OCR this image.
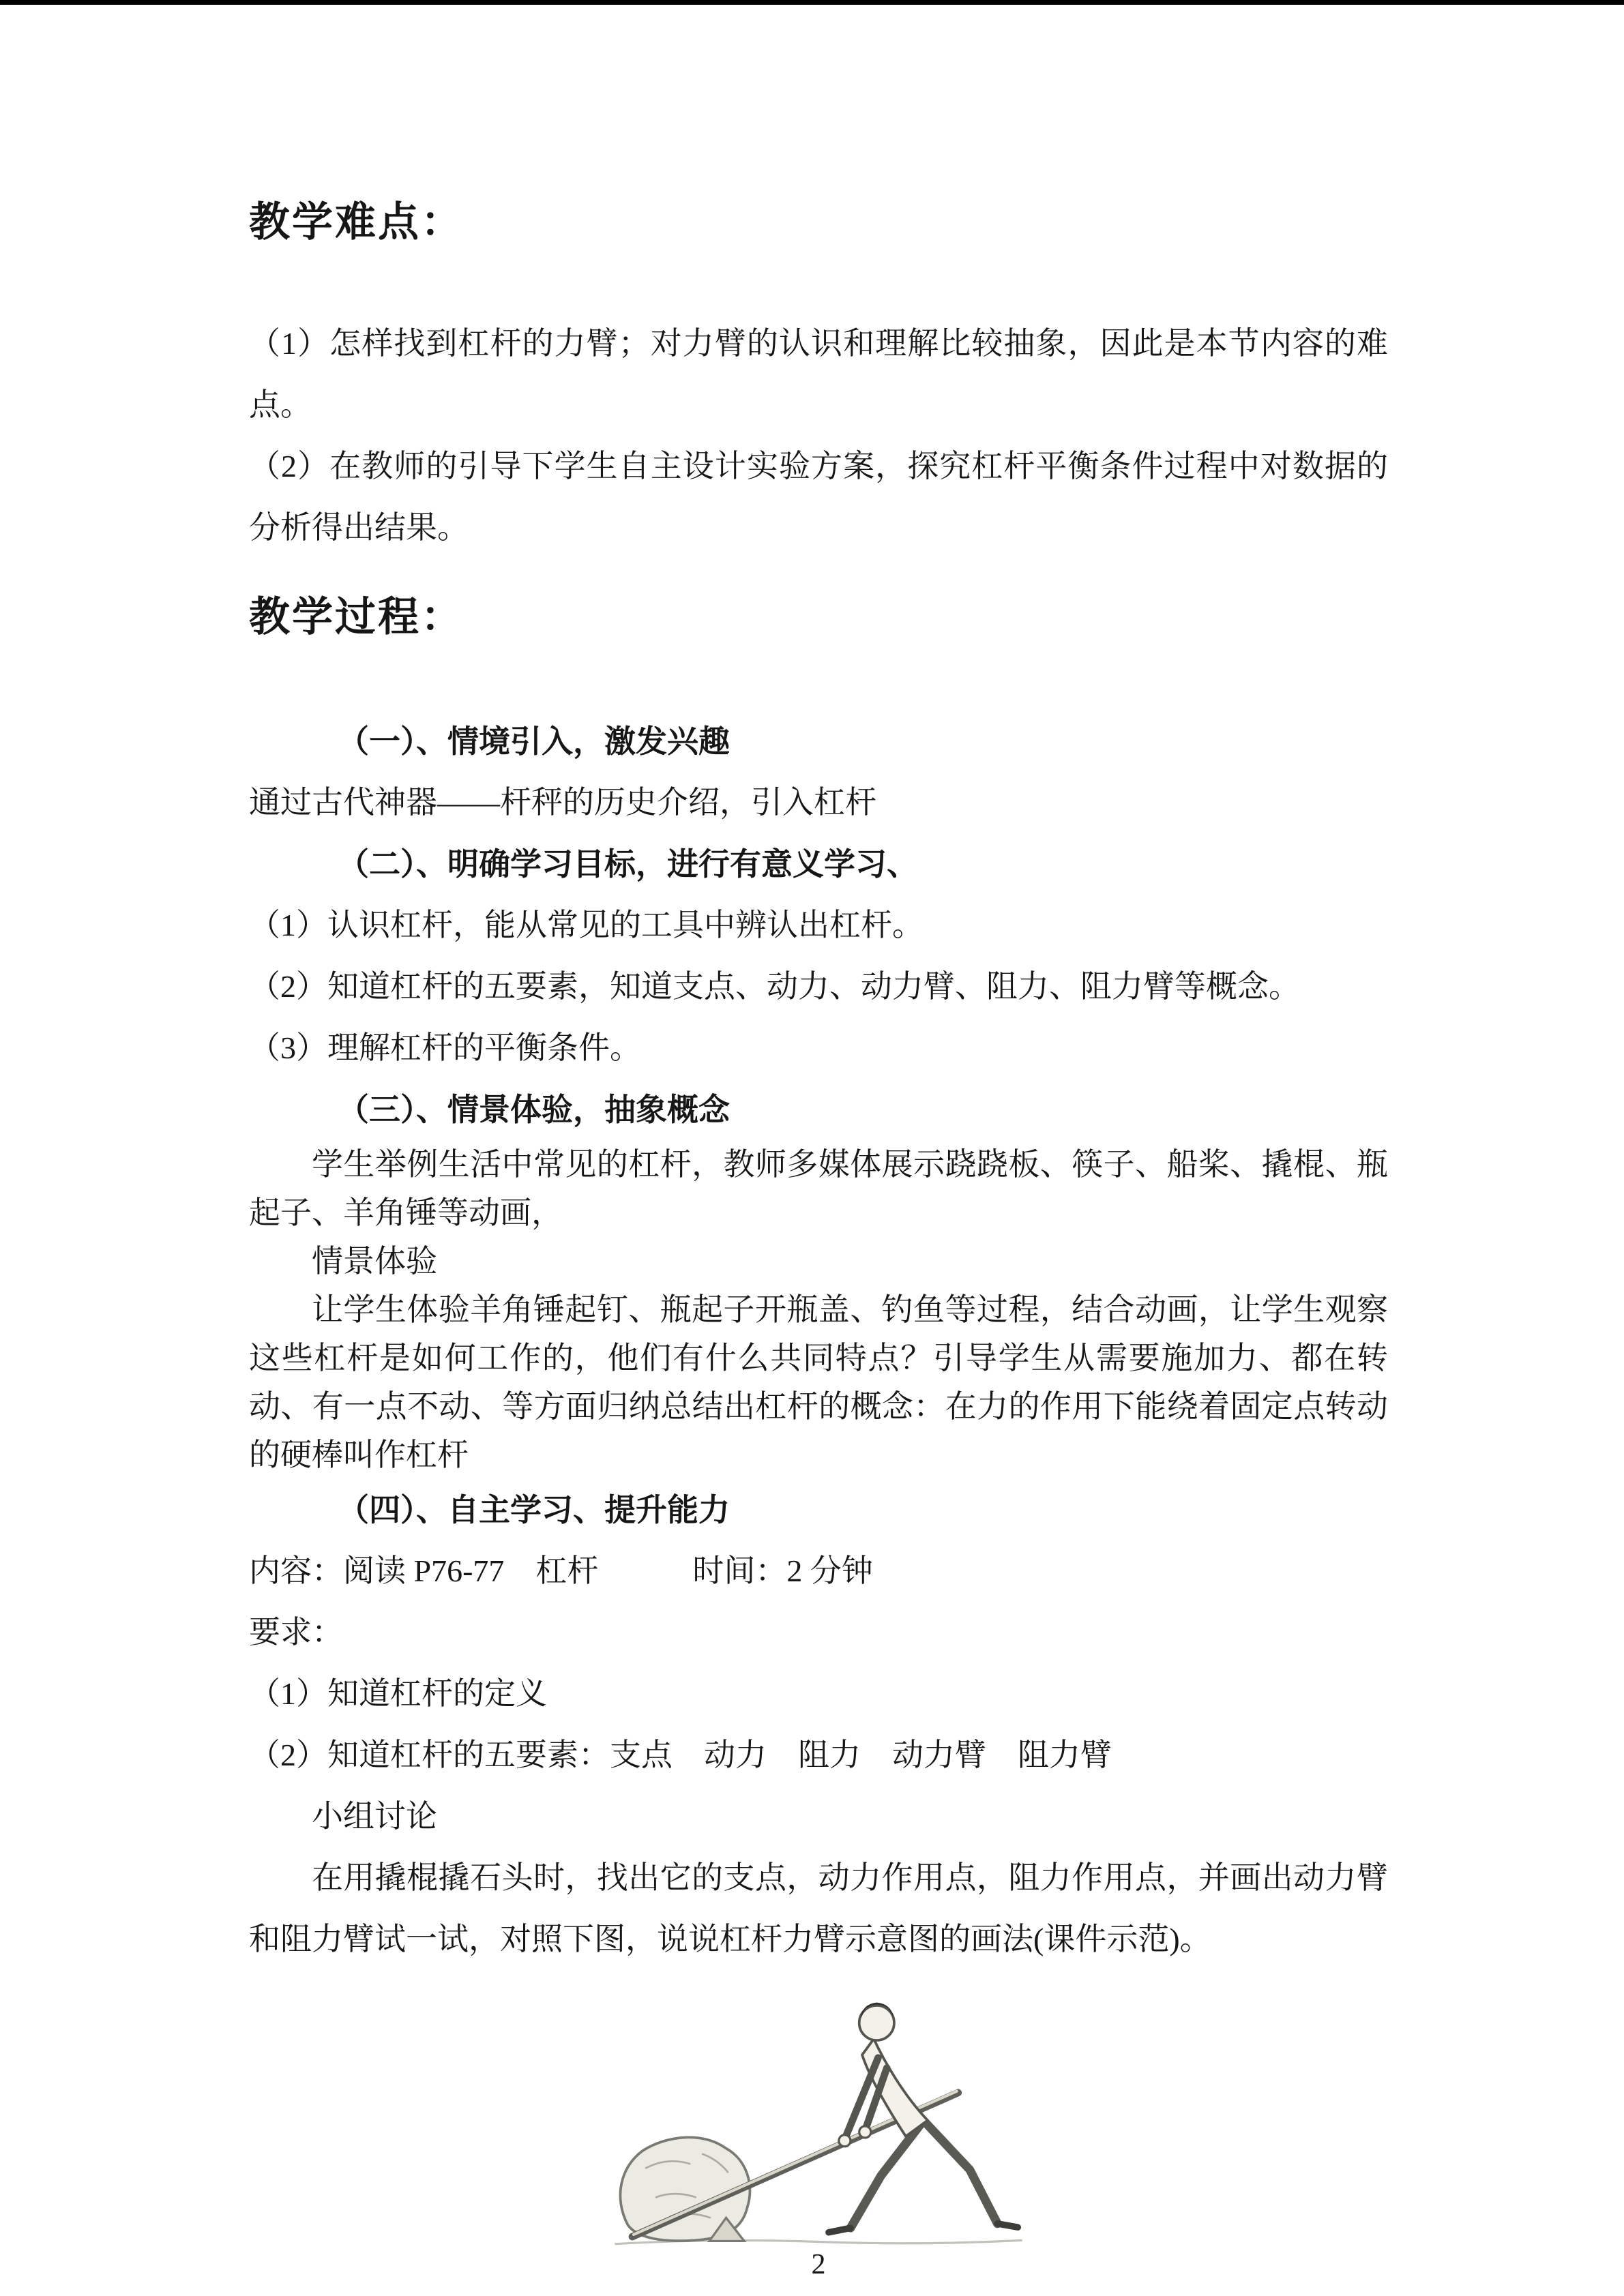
教学难点：

（1）怎样找到杠杆的力臂；对力臂的认识和理解比较抽象，因此是本节内容的难点。

（2）在教师的引导下学生自主设计实验方案，探究杠杆平衡条件过程中对数据的分析得出结果。

教学过程：
（一）、情境引入，激发兴趣

通过古代神器——杆秤的历史介绍，引入杠杆

（二）、明确学习目标，进行有意义学习、

（1）认识杠杆，能从常见的工具中辨认出杠杆。

（2）知道杠杆的五要素，知道支点、动力、动力臂、阻力、阻力臂等概念。

（3）理解杠杆的平衡条件。

（三）、情景体验，抽象概念

学生举例生活中常见的杠杆，教师多媒体展示跷跷板、筷子、船桨、撬棍、瓶起子、羊角锤等动画，

情景体验

让学生体验羊角锤起钉、瓶起子开瓶盖、钓鱼等过程，结合动画，让学生观察这些杠杆是如何工作的，他们有什么共同特点？引导学生从需要施加力、都在转动、有一点不动、等方面归纳总结出杠杆的概念：在力的作用下能绕着固定点转动的硬棒叫作杠杆

（四）、自主学习、提升能力

内容：阅读 P76-77　杠杆　　　时间：2 分钟

要求：

（1）知道杠杆的定义

（2）知道杠杆的五要素：支点　动力　阻力　动力臂　阻力臂

小组讨论

在用撬棍撬石头时，找出它的支点，动力作用点，阻力作用点，并画出动力臂和阻力臂试一试，对照下图，说说杠杆力臂示意图的画法(课件示范)。

2
